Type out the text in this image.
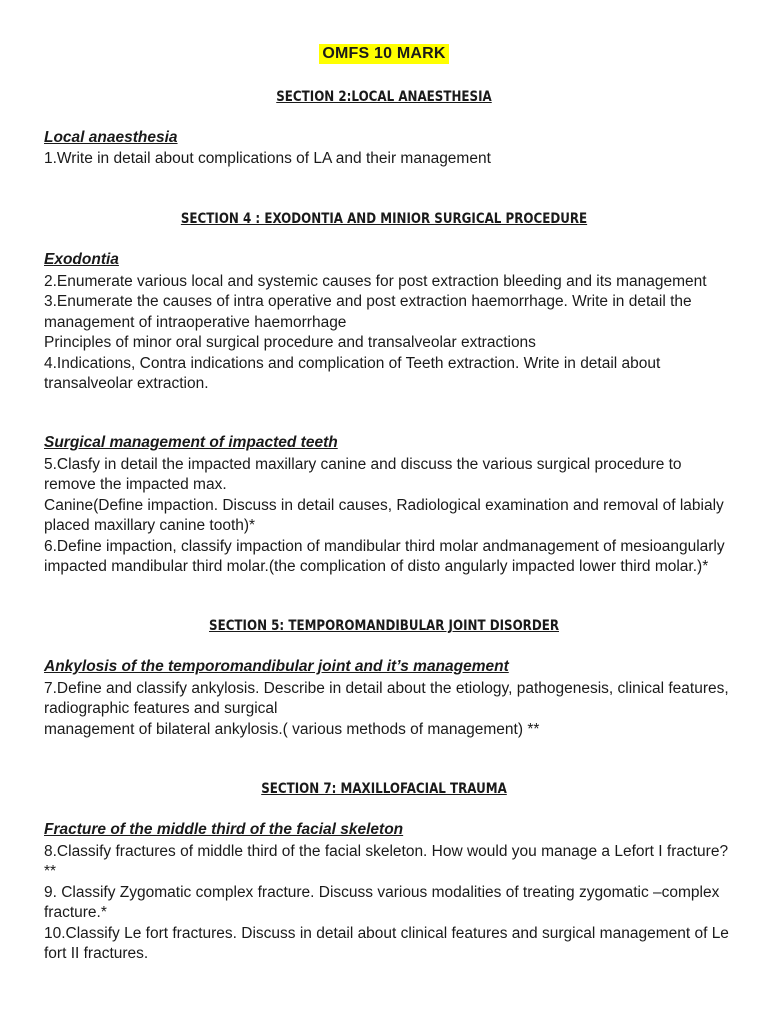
OMFS 10 MARK
SECTION 2:LOCAL ANAESTHESIA
Local anaesthesia

1.Write in detail about complications of LA and their management

SECTION 4 : EXODONTIA AND MINIOR SURGICAL PROCEDURE
Exodontia

2.Enumerate various local and systemic causes for post extraction bleeding and its management

3.Enumerate the causes of intra operative and post extraction haemorrhage. Write in detail the management of intraoperative haemorrhage

Principles of minor oral surgical procedure and transalveolar extractions

4.Indications, Contra indications and complication of Teeth extraction. Write in detail about transalveolar extraction.

Surgical management of impacted teeth

5.Clasfy in detail the impacted maxillary canine and discuss the various surgical procedure to remove the impacted max.

Canine(Define impaction. Discuss in detail causes, Radiological examination and removal of labialy placed maxillary canine tooth)*

6.Define impaction, classify impaction of mandibular third molar andmanagement of mesioangularly impacted mandibular third molar.(the complication of disto angularly impacted lower third molar.)*

SECTION 5: TEMPOROMANDIBULAR JOINT DISORDER
Ankylosis of the temporomandibular joint and it’s management

7.Define and classify ankylosis. Describe in detail about the etiology, pathogenesis, clinical features, radiographic features and surgical

management of bilateral ankylosis.( various methods of management) **

SECTION 7: MAXILLOFACIAL TRAUMA
Fracture of the middle third of the facial skeleton

8.Classify fractures of middle third of the facial skeleton. How would you manage a Lefort I fracture?**

9. Classify Zygomatic complex fracture. Discuss various modalities of treating zygomatic –complex fracture.*

10.Classify Le fort fractures. Discuss in detail about clinical features and surgical management of Le fort II fractures.
